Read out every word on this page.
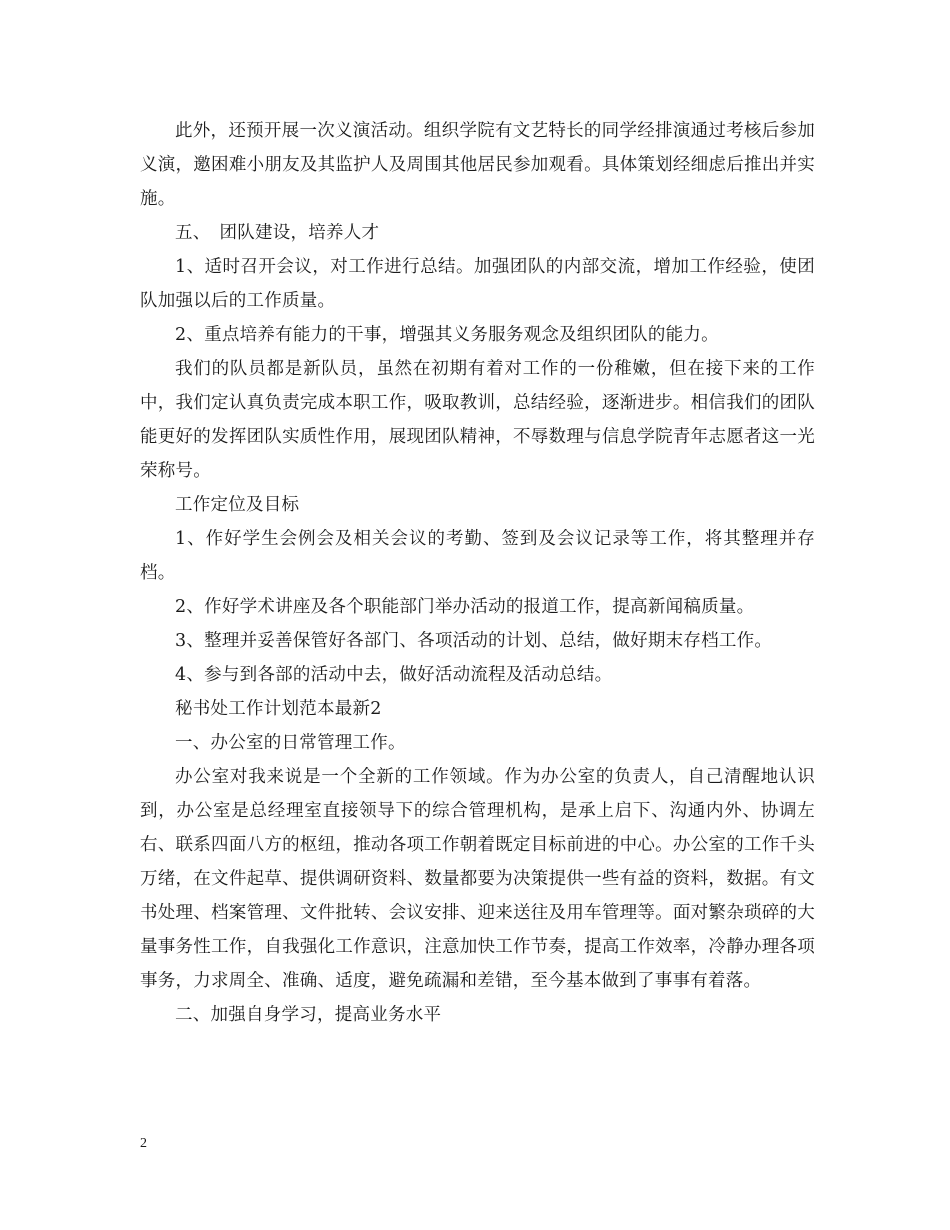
此外，还预开展一次义演活动。组织学院有文艺特长的同学经排演通过考核后参加义演，邀困难小朋友及其监护人及周围其他居民参加观看。具体策划经细虑后推出并实施。

五、　团队建设，培养人才

1、适时召开会议，对工作进行总结。加强团队的内部交流，增加工作经验，使团队加强以后的工作质量。

2、重点培养有能力的干事，增强其义务服务观念及组织团队的能力。

我们的队员都是新队员，虽然在初期有着对工作的一份稚嫩，但在接下来的工作中，我们定认真负责完成本职工作，吸取教训，总结经验，逐渐进步。相信我们的团队能更好的发挥团队实质性作用，展现团队精神，不辱数理与信息学院青年志愿者这一光荣称号。

工作定位及目标

1、作好学生会例会及相关会议的考勤、签到及会议记录等工作，将其整理并存档。

2、作好学术讲座及各个职能部门举办活动的报道工作，提高新闻稿质量。

3、整理并妥善保管好各部门、各项活动的计划、总结，做好期末存档工作。

4、参与到各部的活动中去，做好活动流程及活动总结。

秘书处工作计划范本最新2

一、办公室的日常管理工作。

办公室对我来说是一个全新的工作领域。作为办公室的负责人，自己清醒地认识到，办公室是总经理室直接领导下的综合管理机构，是承上启下、沟通内外、协调左右、联系四面八方的枢纽，推动各项工作朝着既定目标前进的中心。办公室的工作千头万绪，在文件起草、提供调研资料、数量都要为决策提供一些有益的资料，数据。有文书处理、档案管理、文件批转、会议安排、迎来送往及用车管理等。面对繁杂琐碎的大量事务性工作，自我强化工作意识，注意加快工作节奏，提高工作效率，冷静办理各项事务，力求周全、准确、适度，避免疏漏和差错，至今基本做到了事事有着落。

二、加强自身学习，提高业务水平

2
